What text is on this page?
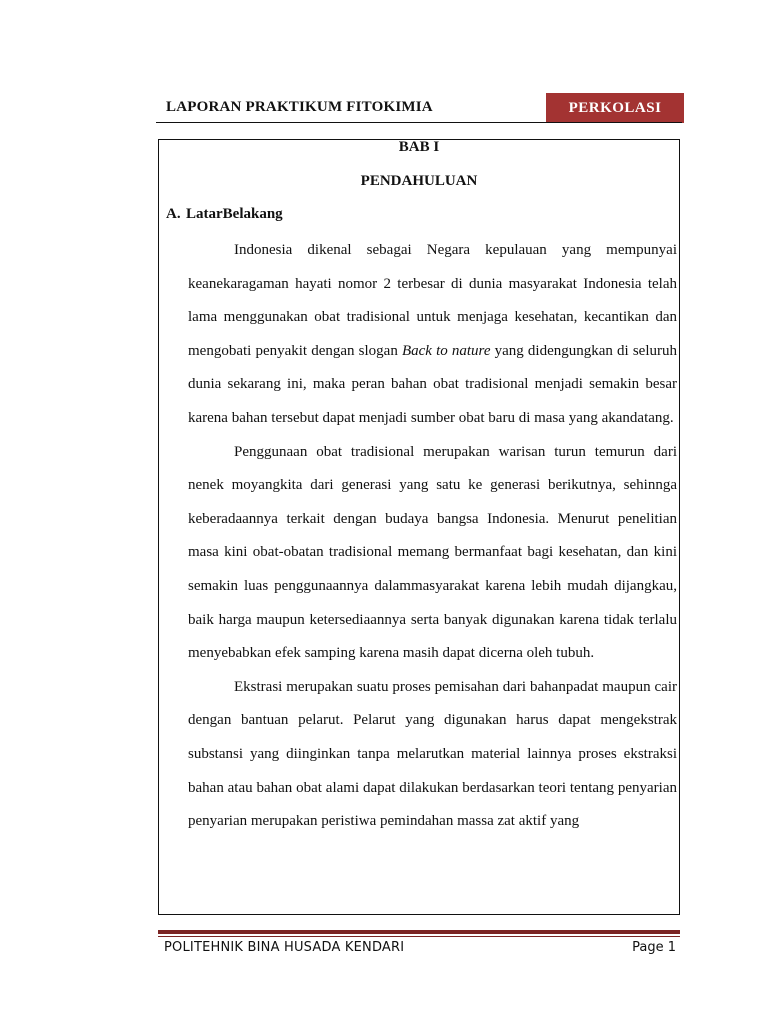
LAPORAN PRAKTIKUM FITOKIMIA	PERKOLASI
BAB I
PENDAHULUAN
A. LatarBelakang

Indonesia dikenal sebagai Negara kepulauan yang mempunyai keanekaragaman hayati nomor 2 terbesar di dunia masyarakat Indonesia telah lama menggunakan obat tradisional untuk menjaga kesehatan, kecantikan dan mengobati penyakit dengan slogan Back to nature yang didengungkan di seluruh dunia sekarang ini, maka peran bahan obat tradisional menjadi semakin besar karena bahan tersebut dapat menjadi sumber obat baru di masa yang akandatang.

Penggunaan obat tradisional merupakan warisan turun temurun dari nenek moyangkita dari generasi yang satu ke generasi berikutnya, sehinnga keberadaannya terkait dengan budaya bangsa Indonesia. Menurut penelitian masa kini obat-obatan tradisional memang bermanfaat bagi kesehatan, dan kini semakin luas penggunaannya dalammasyarakat karena lebih mudah dijangkau, baik harga maupun ketersediaannya serta banyak digunakan karena tidak terlalu menyebabkan efek samping karena masih dapat dicerna oleh tubuh.

Ekstrasi merupakan suatu proses pemisahan dari bahanpadat maupun cair dengan bantuan pelarut. Pelarut yang digunakan harus dapat mengekstrak substansi yang diinginkan tanpa melarutkan material lainnya proses ekstraksi bahan atau bahan obat alami dapat dilakukan berdasarkan teori tentang penyarian penyarian merupakan peristiwa pemindahan massa zat aktif yang

POLITEHNIK BINA HUSADA KENDARI	Page 1
